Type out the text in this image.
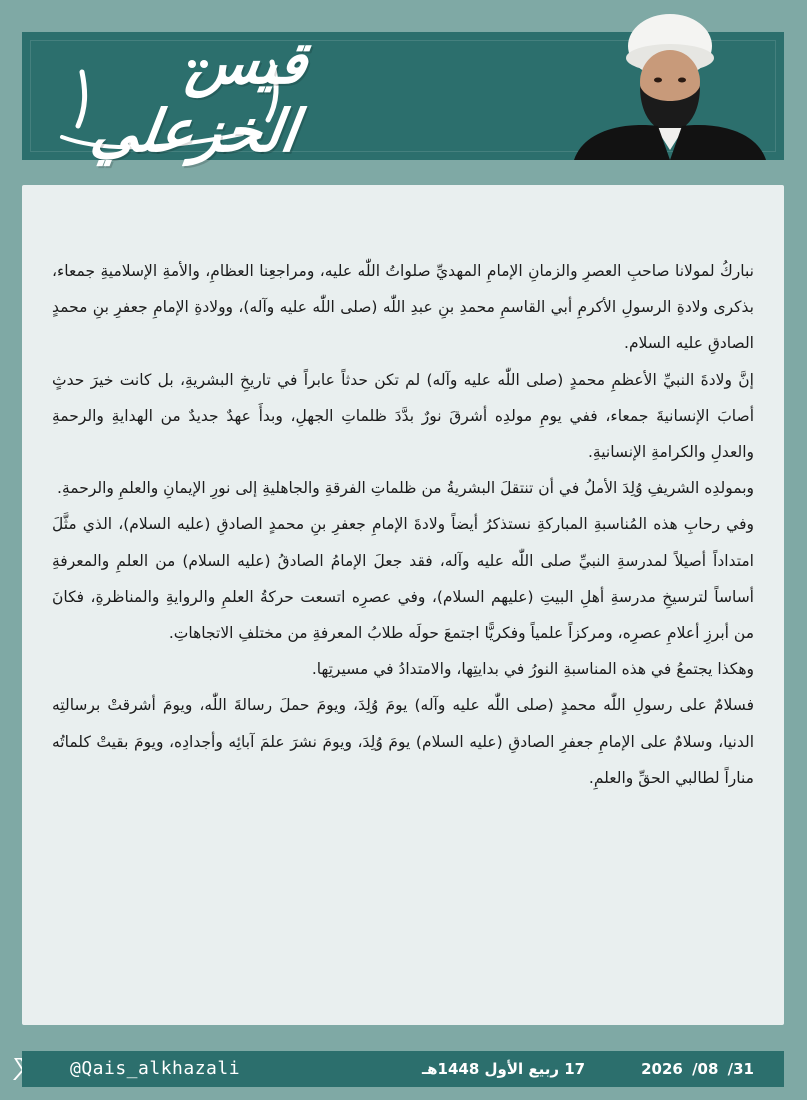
قيس الخزعلي

نباركُ لمولانا صاحبِ العصرِ والزمانِ الإمامِ المهديِّ صلواتُ اللّٰه عليه، ومراجعِنا العظامِ، والأمةِ الإسلاميةِ جمعاء، بذكرى ولادةِ الرسولِ الأكرمِ أبي القاسمِ محمدِ بنِ عبدِ اللّٰه (صلى اللّٰه عليه وآله)، وولادةِ الإمامِ جعفرِ بنِ محمدٍ الصادقِ عليه السلام.

إنَّ ولادةَ النبيِّ الأعظمِ محمدٍ (صلى اللّٰه عليه وآله) لم تكن حدثاً عابراً في تاريخِ البشريةِ، بل كانت خيرَ حدثٍ أصابَ الإنسانيةَ جمعاء، ففي يومِ مولدِه أشرقَ نورٌ بدَّدَ ظلماتِ الجهلِ، وبدأَ عهدٌ جديدٌ من الهدايةِ والرحمةِ والعدلِ والكرامةِ الإنسانيةِ.

وبمولدِه الشريفِ وُلِدَ الأملُ في أن تنتقلَ البشريةُ من ظلماتِ الفرقةِ والجاهليةِ إلى نورِ الإيمانِ والعلمِ والرحمةِ.

وفي رحابِ هذه المُناسبةِ المباركةِ نستذكرُ أيضاً ولادةَ الإمامِ جعفرِ بنِ محمدٍ الصادقِ (عليه السلام)، الذي مثَّلَ امتداداً أصيلاً لمدرسةِ النبيِّ صلى اللّٰه عليه وآله، فقد جعلَ الإمامُ الصادقُ (عليه السلام) من العلمِ والمعرفةِ أساساً لترسيخِ مدرسةِ أهلِ البيتِ (عليهم السلام)، وفي عصرِه اتسعت حركةُ العلمِ والروايةِ والمناظرةِ، فكانَ من أبرزِ أعلامِ عصرِه، ومركزاً علمياً وفكريًّا اجتمعَ حولَه طلابُ المعرفةِ من مختلفِ الاتجاهاتِ.

وهكذا يجتمعُ في هذه المناسبةِ النورُ في بدايتِها، والامتدادُ في مسيرتِها.

فسلامٌ على رسولِ اللّٰه محمدٍ (صلى اللّٰه عليه وآله) يومَ وُلِدَ، ويومَ حملَ رسالةَ اللّٰه، ويومَ أشرقتْ برسالتِه الدنيا، وسلامٌ على الإمامِ جعفرِ الصادقِ (عليه السلام) يومَ وُلِدَ، ويومَ نشرَ علمَ آبائِه وأجدادِه، ويومَ بقيتْ كلماتُه مناراً لطالبي الحقِّ والعلمِ.

@Qais_alkhazali	17 ربيع الأول 1448هـ	31/ 08/ 2026
